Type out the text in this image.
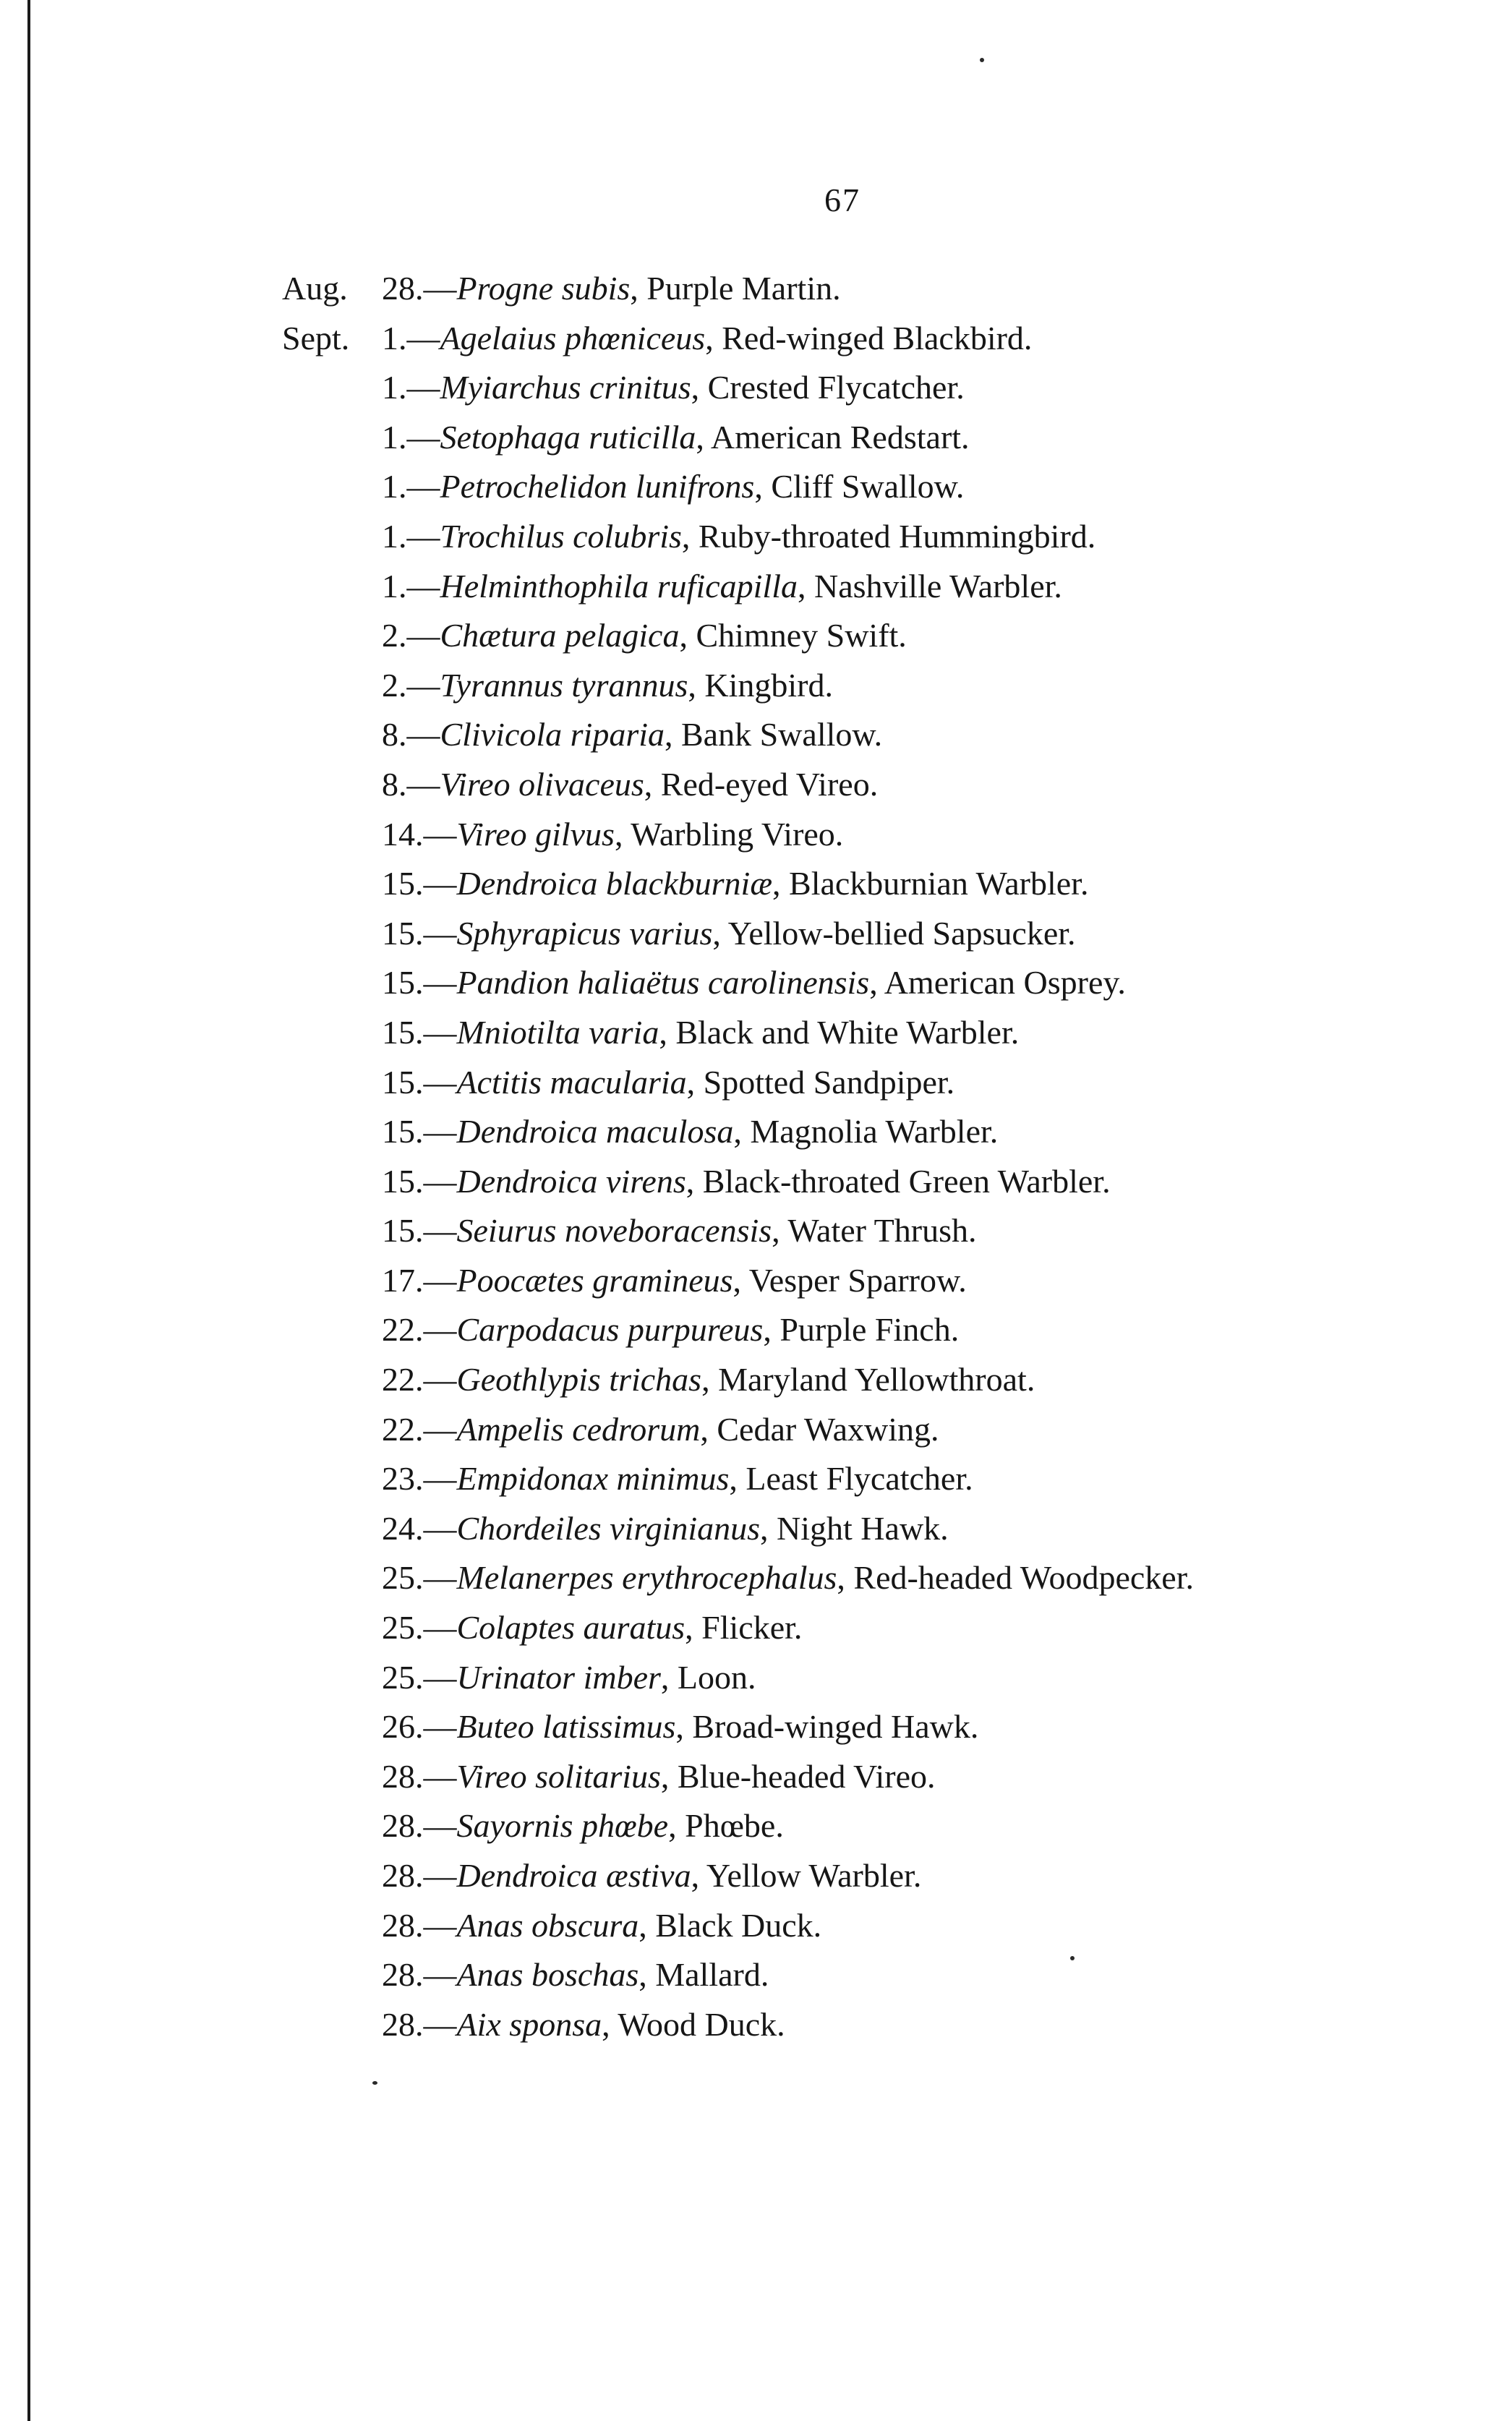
67
Aug. 28.—Progne subis, Purple Martin.
Sept. 1.—Agelaius phœniceus, Red-winged Blackbird.
1.—Myiarchus crinitus, Crested Flycatcher.
1.—Setophaga ruticilla, American Redstart.
1.—Petrochelidon lunifrons, Cliff Swallow.
1.—Trochilus colubris, Ruby-throated Hummingbird.
1.—Helminthophila ruficapilla, Nashville Warbler.
2.—Chætura pelagica, Chimney Swift.
2.—Tyrannus tyrannus, Kingbird.
8.—Clivicola riparia, Bank Swallow.
8.—Vireo olivaceus, Red-eyed Vireo.
14.—Vireo gilvus, Warbling Vireo.
15.—Dendroica blackburniæ, Blackburnian Warbler.
15.—Sphyrapicus varius, Yellow-bellied Sapsucker.
15.—Pandion haliaëtus carolinensis, American Osprey.
15.—Mniotilta varia, Black and White Warbler.
15.—Actitis macularia, Spotted Sandpiper.
15.—Dendroica maculosa, Magnolia Warbler.
15.—Dendroica virens, Black-throated Green Warbler.
15.—Seiurus noveboracensis, Water Thrush.
17.—Poocætes gramineus, Vesper Sparrow.
22.—Carpodacus purpureus, Purple Finch.
22.—Geothlypis trichas, Maryland Yellowthroat.
22.—Ampelis cedrorum, Cedar Waxwing.
23.—Empidonax minimus, Least Flycatcher.
24.—Chordeiles virginianus, Night Hawk.
25.—Melanerpes erythrocephalus, Red-headed Woodpecker.
25.—Colaptes auratus, Flicker.
25.—Urinator imber, Loon.
26.—Buteo latissimus, Broad-winged Hawk.
28.—Vireo solitarius, Blue-headed Vireo.
28.—Sayornis phœbe, Phœbe.
28.—Dendroica æstiva, Yellow Warbler.
28.—Anas obscura, Black Duck.
28.—Anas boschas, Mallard.
28.—Aix sponsa, Wood Duck.
